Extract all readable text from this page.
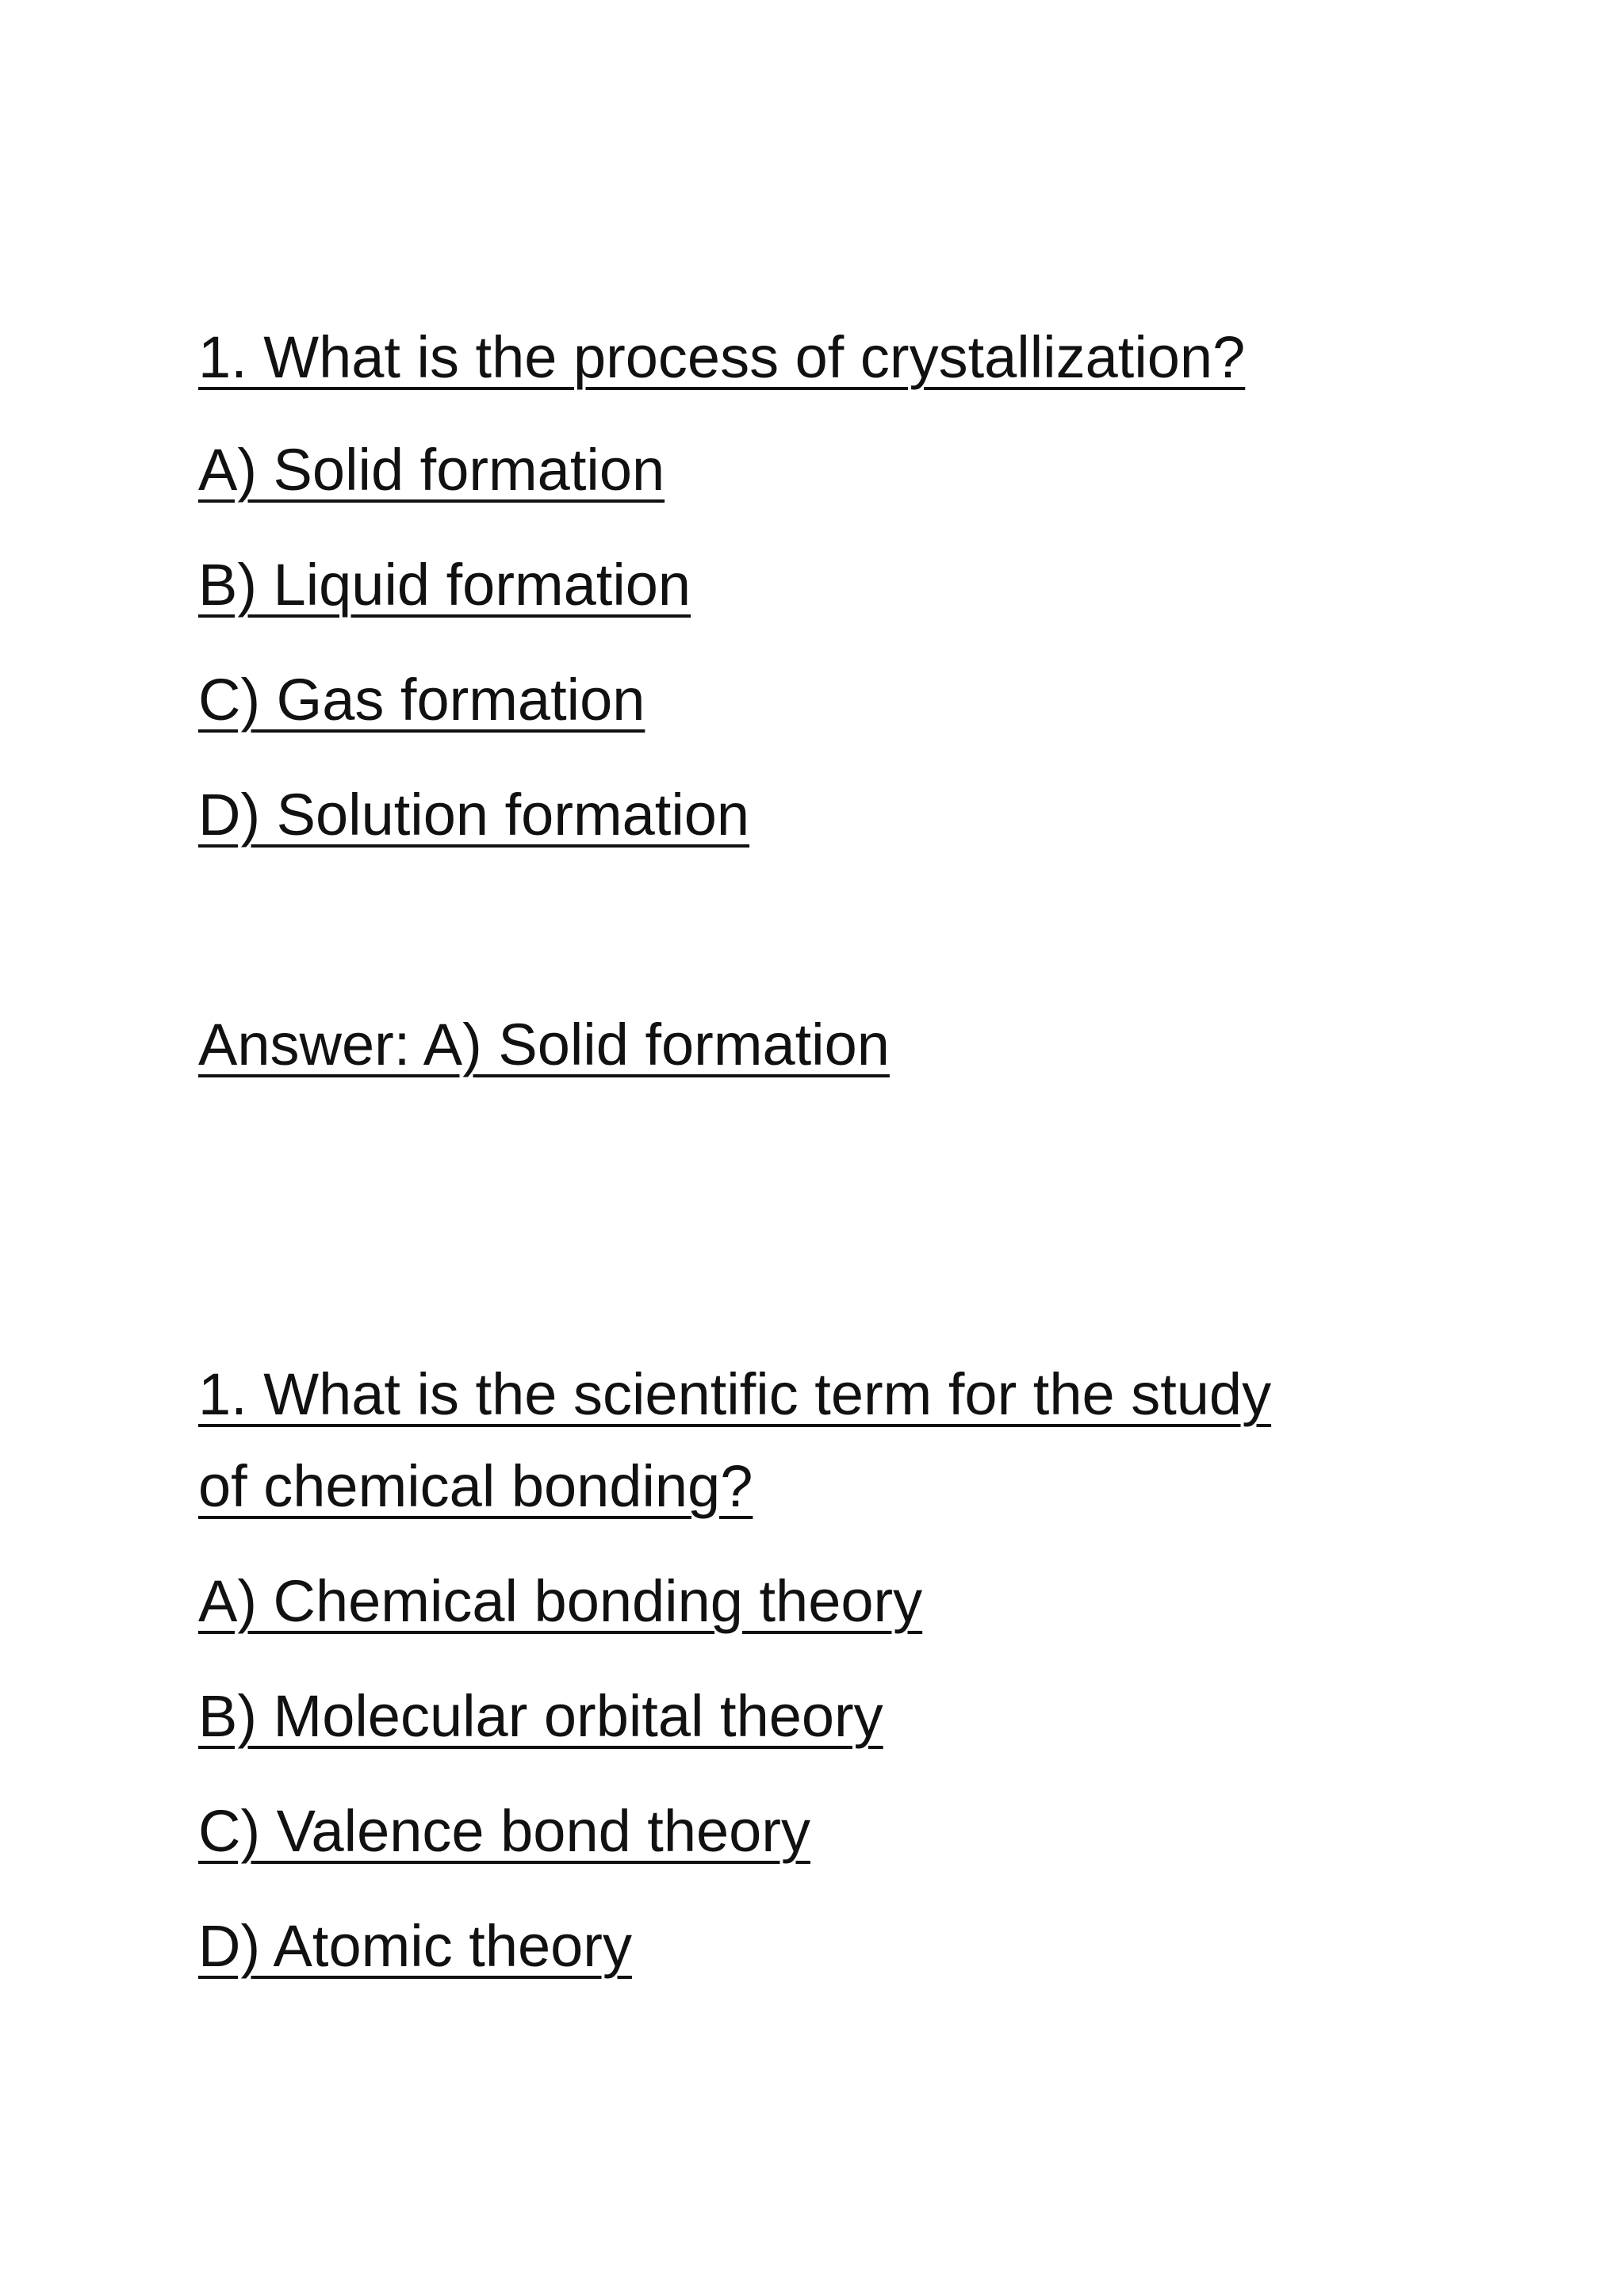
1. What is the process of crystallization?

A) Solid formation

B) Liquid formation

C) Gas formation

D) Solution formation

Answer: A) Solid formation

1. What is the scientific term for the study

of chemical bonding?

A) Chemical bonding theory

B) Molecular orbital theory

C) Valence bond theory

D) Atomic theory
